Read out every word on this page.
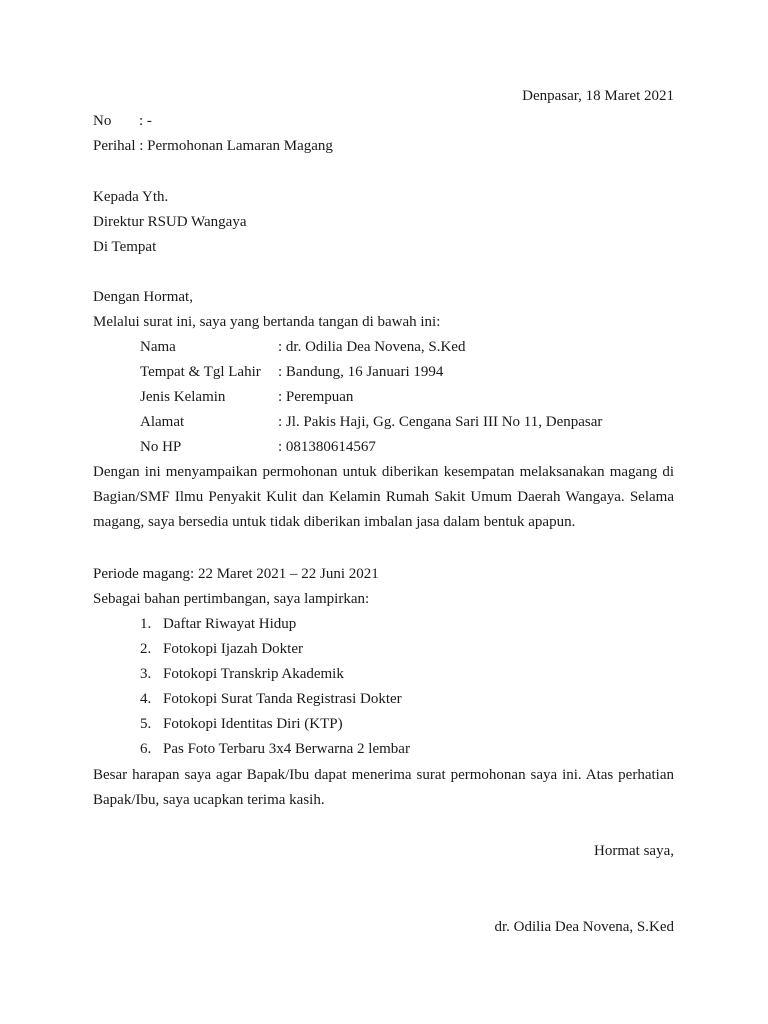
Denpasar, 18 Maret 2021
No : -
Perihal : Permohonan Lamaran Magang
Kepada Yth.
Direktur RSUD Wangaya
Di Tempat
Dengan Hormat,
Melalui surat ini, saya yang bertanda tangan di bawah ini:
Nama	: dr. Odilia Dea Novena, S.Ked
Tempat & Tgl Lahir : Bandung, 16 Januari 1994
Jenis Kelamin	: Perempuan
Alamat	: Jl. Pakis Haji, Gg. Cengana Sari III No 11, Denpasar
No HP	: 081380614567
Dengan ini menyampaikan permohonan untuk diberikan kesempatan melaksanakan magang di Bagian/SMF Ilmu Penyakit Kulit dan Kelamin Rumah Sakit Umum Daerah Wangaya. Selama magang, saya bersedia untuk tidak diberikan imbalan jasa dalam bentuk apapun.
Periode magang: 22 Maret 2021 – 22 Juni 2021
Sebagai bahan pertimbangan, saya lampirkan:
1. Daftar Riwayat Hidup
2. Fotokopi Ijazah Dokter
3. Fotokopi Transkrip Akademik
4. Fotokopi Surat Tanda Registrasi Dokter
5. Fotokopi Identitas Diri (KTP)
6. Pas Foto Terbaru 3x4 Berwarna 2 lembar
Besar harapan saya agar Bapak/Ibu dapat menerima surat permohonan saya ini. Atas perhatian Bapak/Ibu, saya ucapkan terima kasih.
Hormat saya,
dr. Odilia Dea Novena, S.Ked
